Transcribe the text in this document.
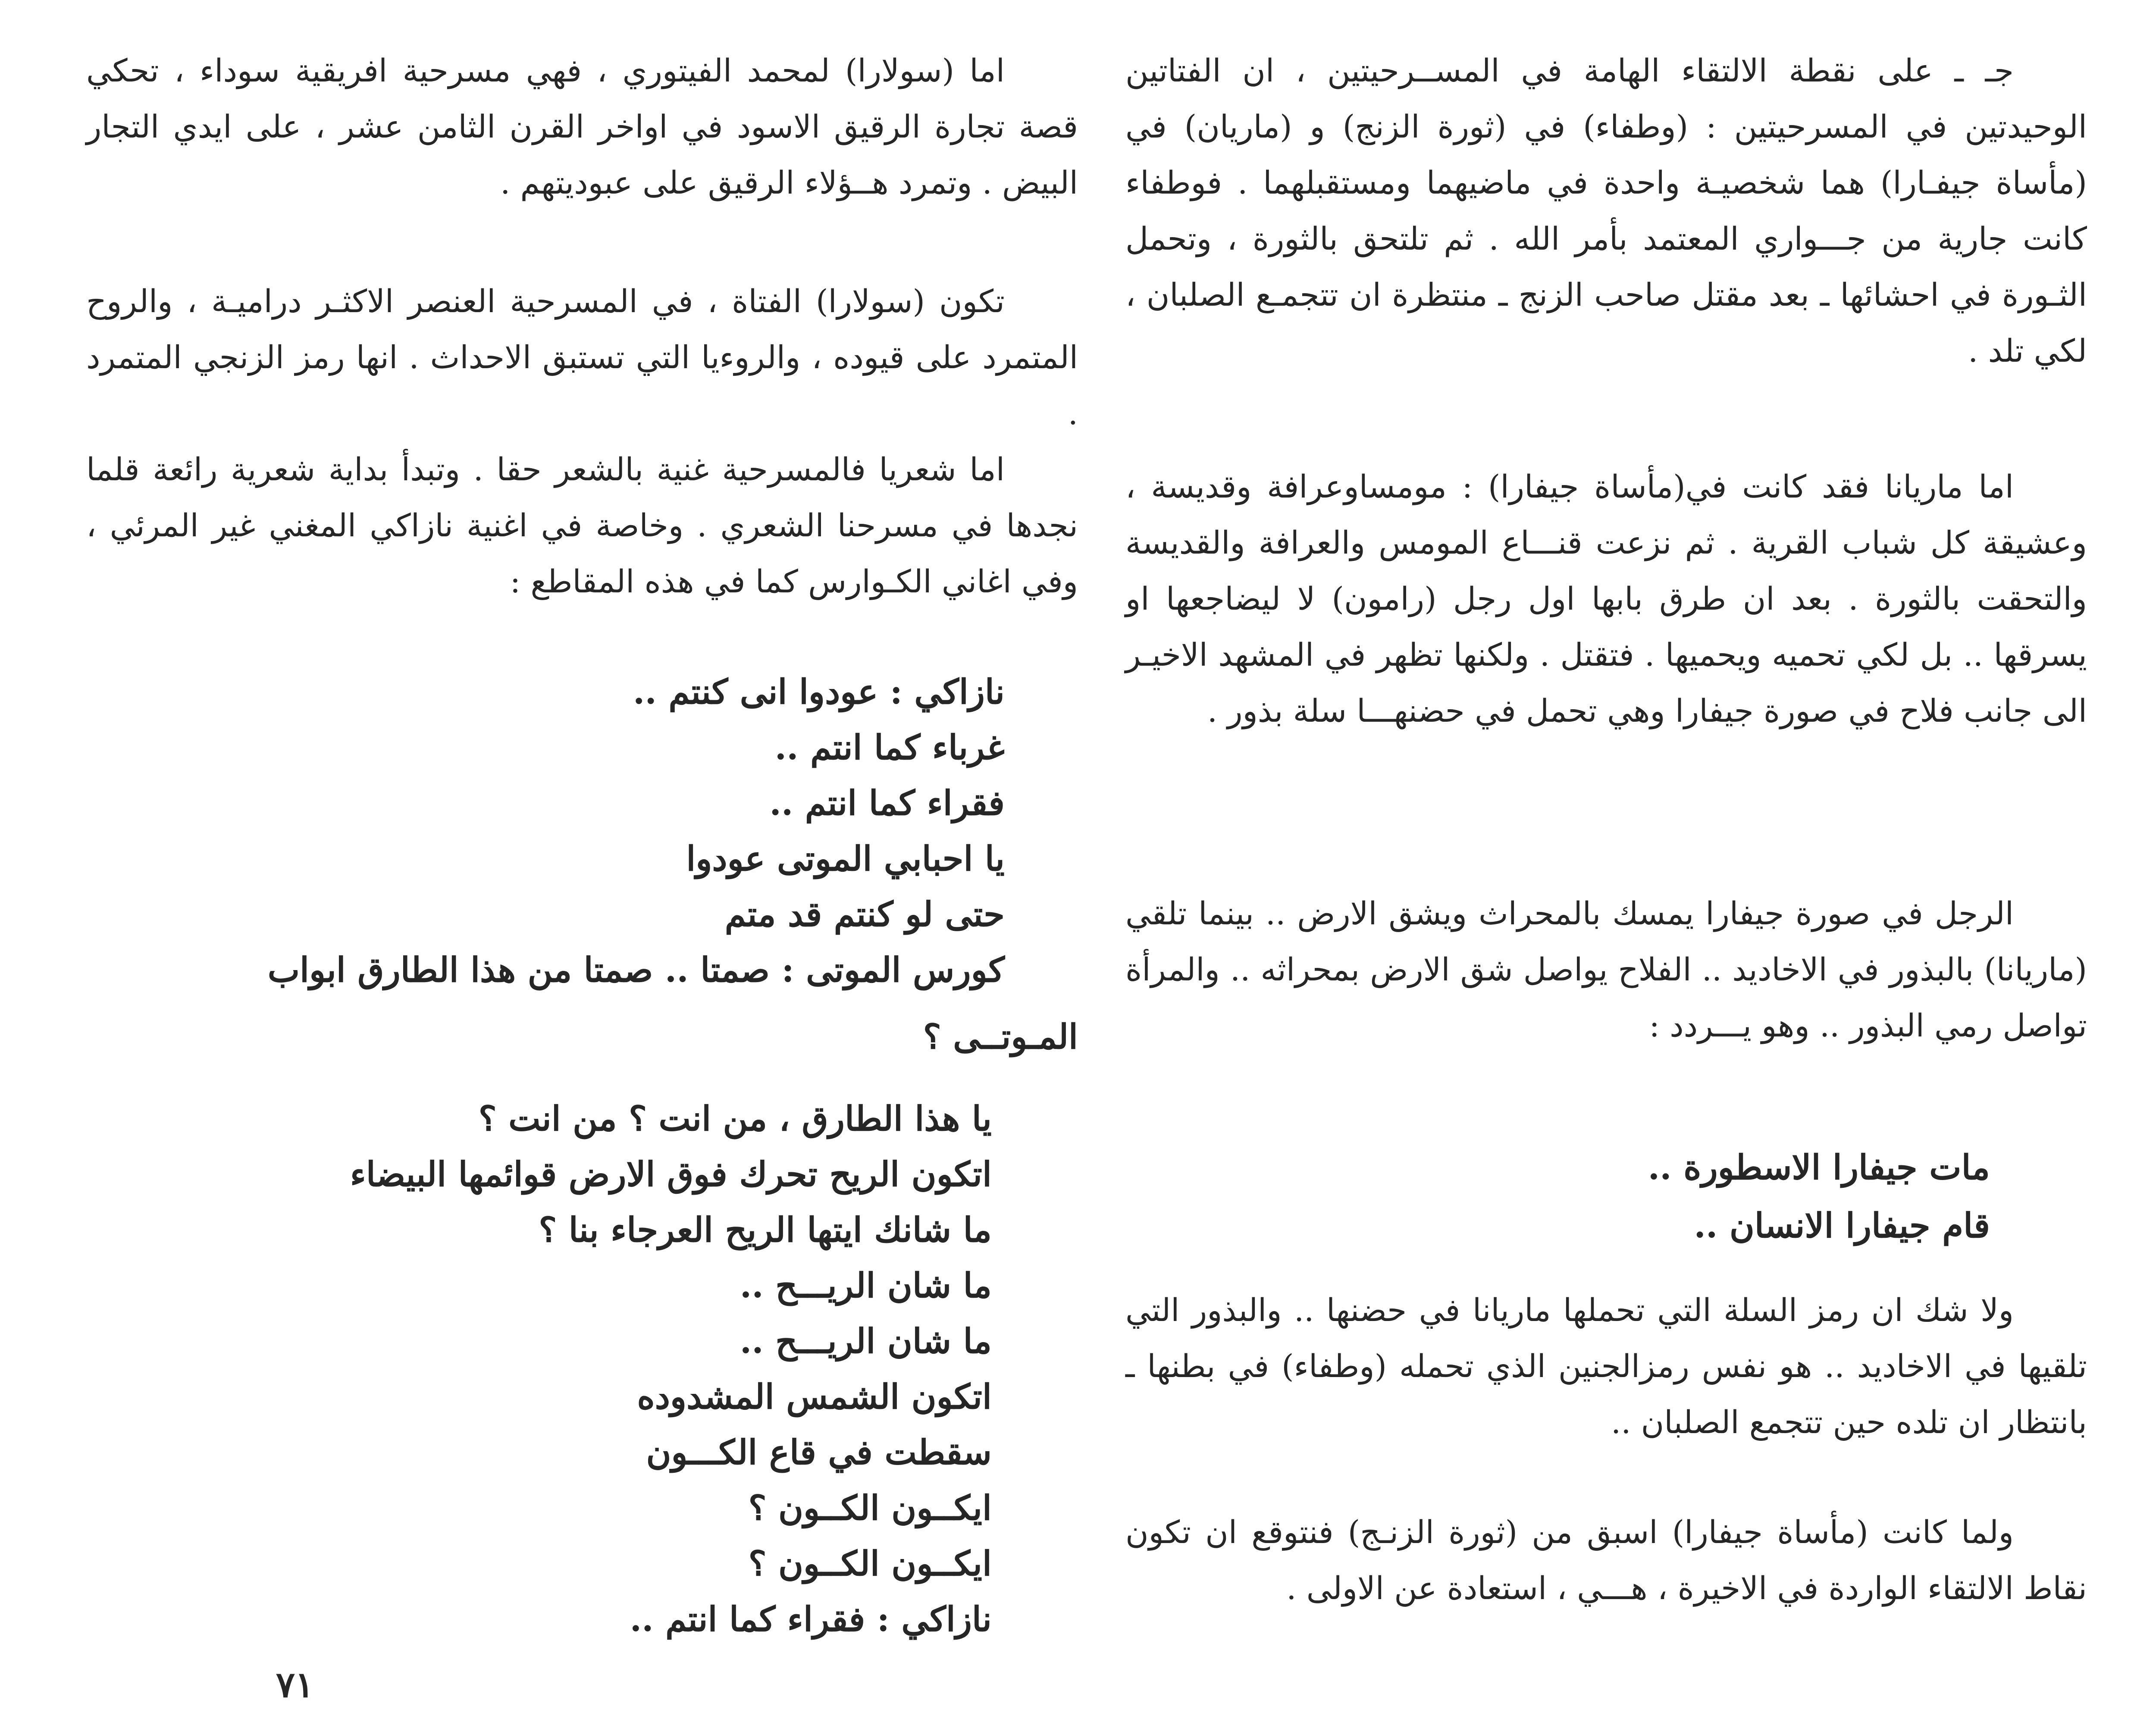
اما (سولارا) لمحمد الفيتوري ، فهي مسرحية افريقية سوداء ، تحكي قصة تجارة الرقيق الاسود في اواخر القرن الثامن عشر ، على ايدي التجار البيض . وتمرد هــؤلاء الرقيق على عبوديتهم .

تكون (سولارا) الفتاة ، في المسرحية العنصر الاكثـر دراميـة ، والروح المتمرد على قيوده ، والروءيا التي تستبق الاحداث . انها رمز الزنجي المتمرد .

اما شعريا فالمسرحية غنية بالشعر حقا . وتبدأ بداية شعرية رائعة قلما نجدها في مسرحنا الشعري . وخاصة في اغنية نازاكي المغني غير المرئي ، وفي اغاني الكـوارس كما في هذه المقاطع :

نازاكي : عودوا انى كنتم ..
غرباء كما انتم ..
فقراء كما انتم ..
يا احبابي الموتى عودوا
حتى لو كنتم قد متم
كورس الموتى : صمتا .. صمتا من هذا الطارق ابواب
المـوتــى ؟
يا هذا الطارق ، من انت ؟ من انت ؟
اتكون الريح تحرك فوق الارض قوائمها البيضاء
ما شانك ايتها الريح العرجاء بنا ؟
ما شان الريـــح ..
ما شان الريـــح ..
اتكون الشمس المشدوده
سقطت في قاع الكـــون
ايكــون الكــون ؟
ايكــون الكــون ؟
نازاكي : فقراء كما انتم ..
٧١

جـ ـ على نقطة الالتقاء الهامة في المســرحيتين ، ان الفتاتين الوحيدتين في المسرحيتين : (وطفاء) في (ثورة الزنج) و (ماريان) في (مأساة جيفـارا) هما شخصيـة واحدة في ماضيهما ومستقبلهما . فوطفاء كانت جارية من جـــواري المعتمد بأمر الله . ثم تلتحق بالثورة ، وتحمل الثـورة في احشائها ـ بعد مقتل صاحب الزنج ـ منتظرة ان تتجمـع الصلبان ، لكي تلد .

اما ماريانا فقد كانت في(مأساة جيفارا) : مومساوعرافة وقديسة ، وعشيقة كل شباب القرية . ثم نزعت قنـــاع المومس والعرافة والقديسة والتحقت بالثورة . بعد ان طرق بابها اول رجل (رامون) لا ليضاجعها او يسرقها .. بل لكي تحميه ويحميها . فتقتل . ولكنها تظهر في المشهد الاخيـر الى جانب فلاح في صورة جيفارا وهي تحمل في حضنهـــا سلة بذور .

الرجل في صورة جيفارا يمسك بالمحراث ويشق الارض .. بينما تلقي (ماريانا) بالبذور في الاخاديد .. الفلاح يواصل شق الارض بمحراثه .. والمرأة تواصل رمي البذور .. وهو يـــردد :

مات جيفارا الاسطورة ..
قام جيفارا الانسان ..

ولا شك ان رمز السلة التي تحملها ماريانا في حضنها .. والبذور التي تلقيها في الاخاديد .. هو نفس رمزالجنين الذي تحمله (وطفاء) في بطنها ـ بانتظار ان تلده حين تتجمع الصلبان ..

ولما كانت (مأساة جيفارا) اسبق من (ثورة الزنـج) فنتوقع ان تكون نقاط الالتقاء الواردة في الاخيرة ، هـــي ، استعادة عن الاولى .
